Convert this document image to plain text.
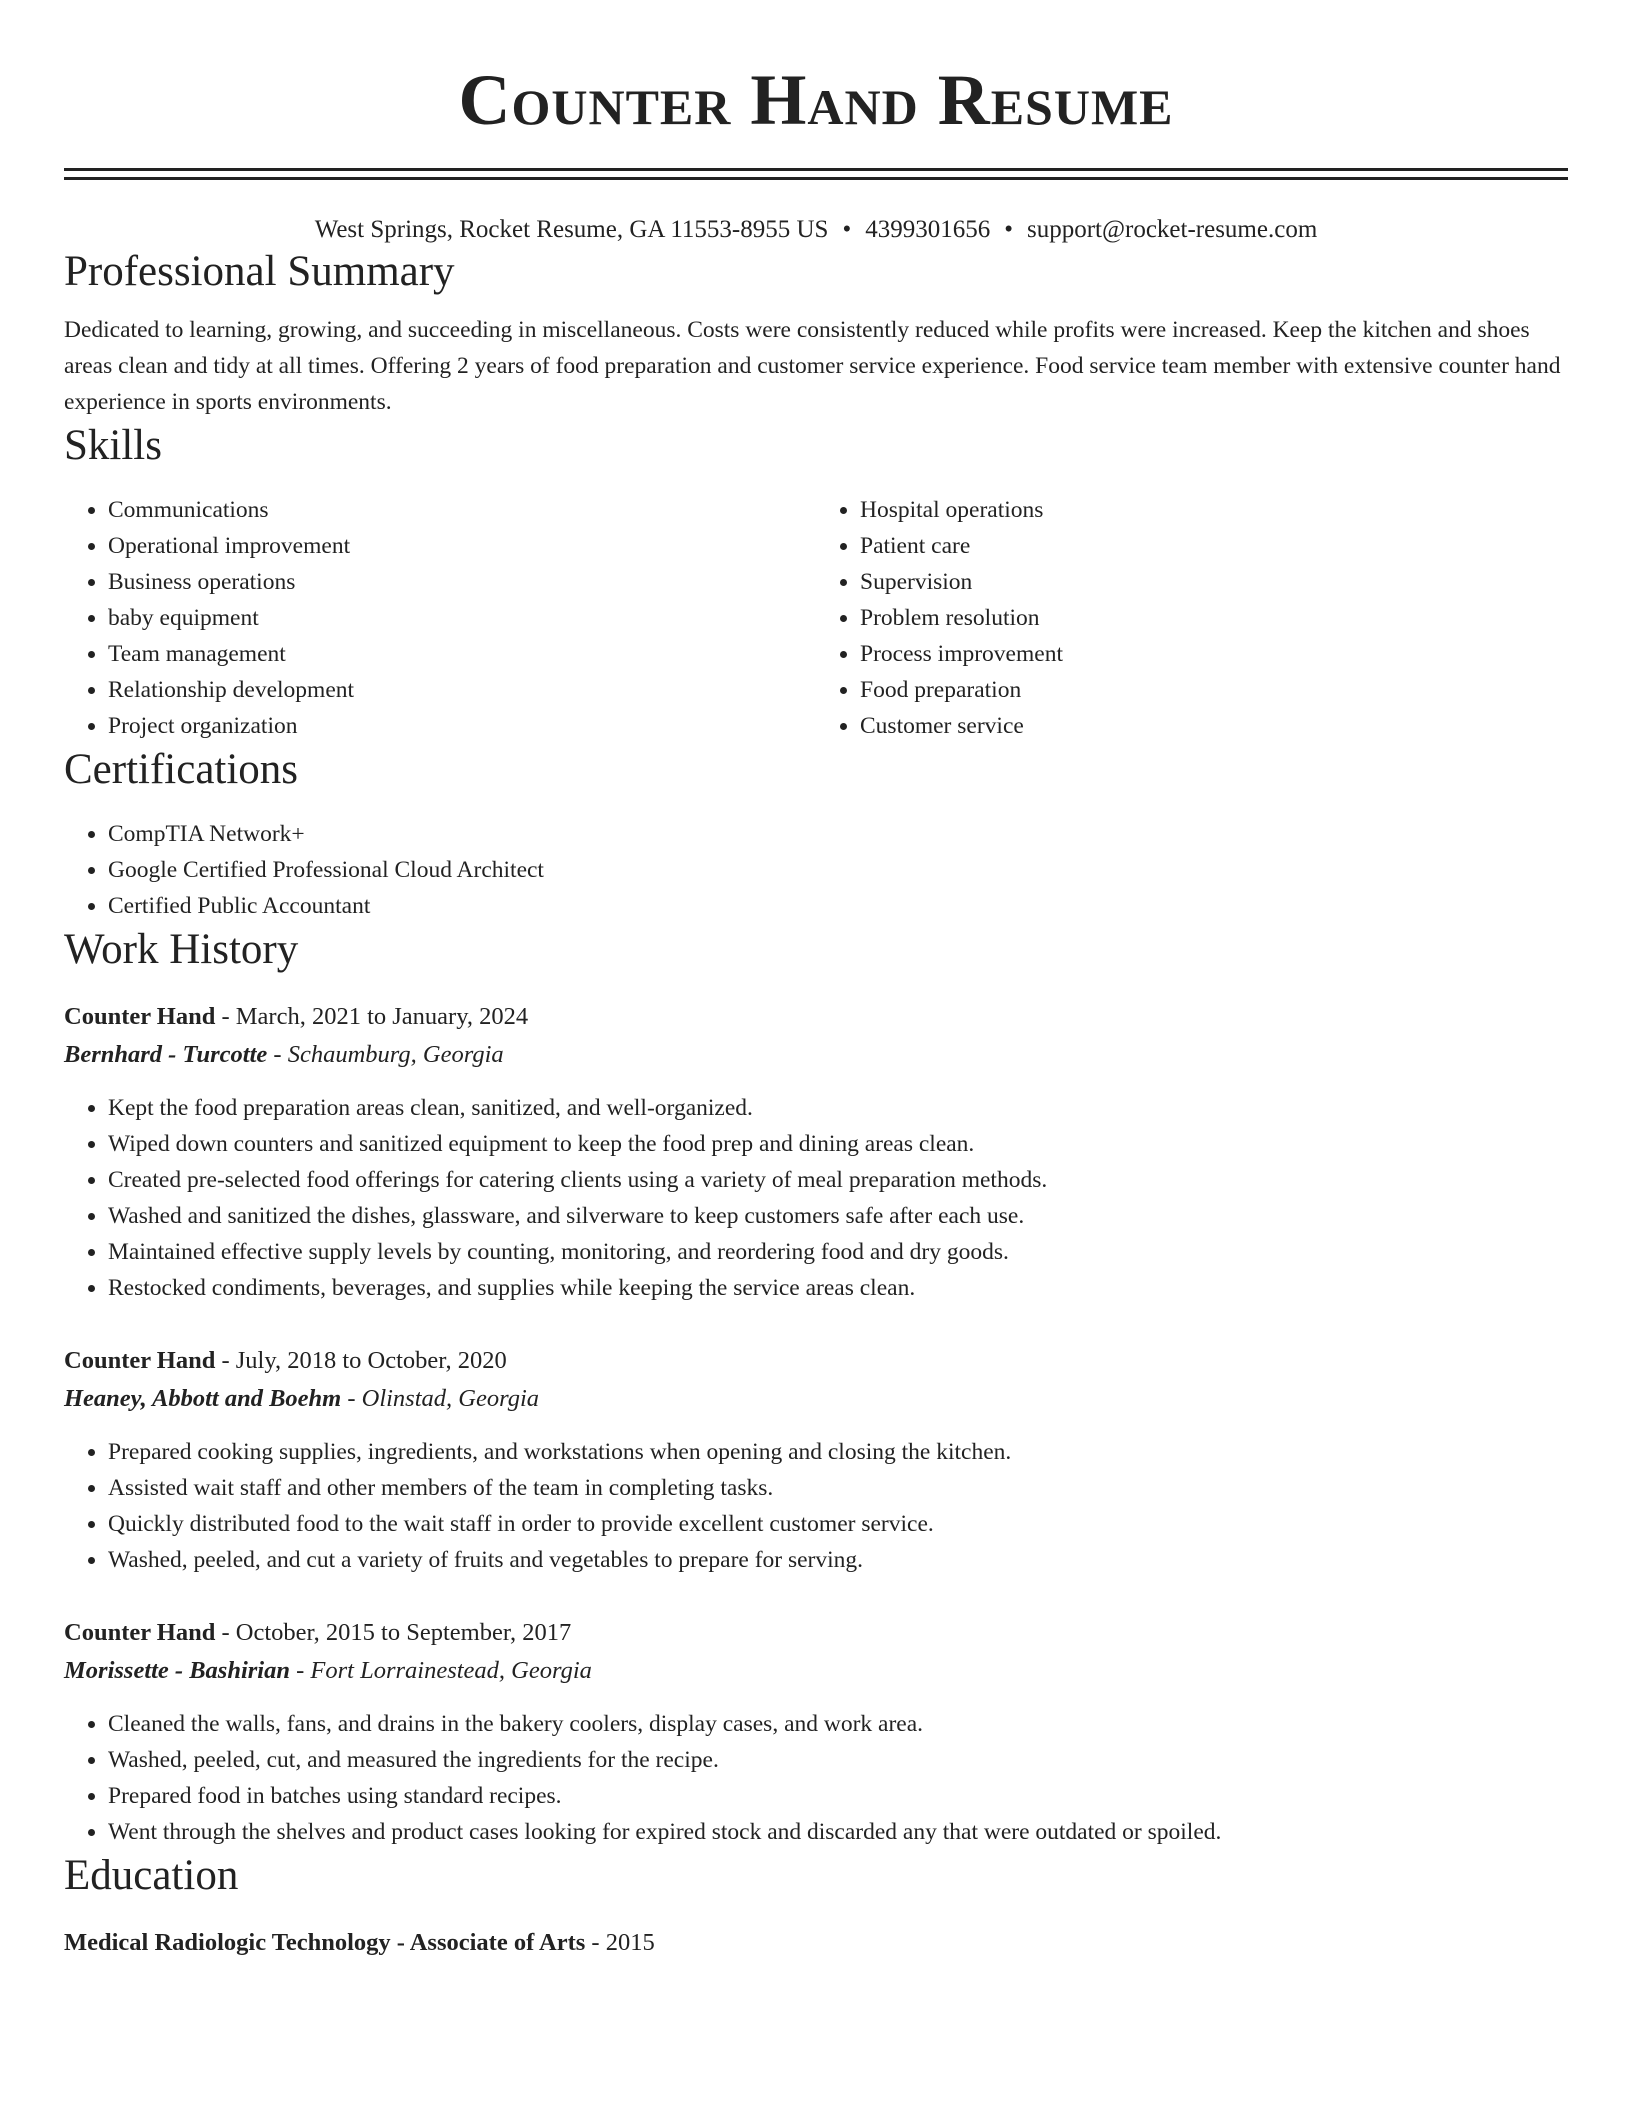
Counter Hand Resume
West Springs, Rocket Resume, GA 11553-8955 US • 4399301656 • support@rocket-resume.com
Professional Summary

Dedicated to learning, growing, and succeeding in miscellaneous. Costs were consistently reduced while profits were increased. Keep the kitchen and shoes areas clean and tidy at all times. Offering 2 years of food preparation and customer service experience. Food service team member with extensive counter hand experience in sports environments.

Skills
• Communications
• Operational improvement
• Business operations
• baby equipment
• Team management
• Relationship development
• Project organization
• Hospital operations
• Patient care
• Supervision
• Problem resolution
• Process improvement
• Food preparation
• Customer service
Certifications
• CompTIA Network+
• Google Certified Professional Cloud Architect
• Certified Public Accountant
Work History
Counter Hand - March, 2021 to January, 2024
Bernhard - Turcotte - Schaumburg, Georgia
• Kept the food preparation areas clean, sanitized, and well-organized.
• Wiped down counters and sanitized equipment to keep the food prep and dining areas clean.
• Created pre-selected food offerings for catering clients using a variety of meal preparation methods.
• Washed and sanitized the dishes, glassware, and silverware to keep customers safe after each use.
• Maintained effective supply levels by counting, monitoring, and reordering food and dry goods.
• Restocked condiments, beverages, and supplies while keeping the service areas clean.
Counter Hand - July, 2018 to October, 2020
Heaney, Abbott and Boehm - Olinstad, Georgia
• Prepared cooking supplies, ingredients, and workstations when opening and closing the kitchen.
• Assisted wait staff and other members of the team in completing tasks.
• Quickly distributed food to the wait staff in order to provide excellent customer service.
• Washed, peeled, and cut a variety of fruits and vegetables to prepare for serving.
Counter Hand - October, 2015 to September, 2017
Morissette - Bashirian - Fort Lorrainestead, Georgia
• Cleaned the walls, fans, and drains in the bakery coolers, display cases, and work area.
• Washed, peeled, cut, and measured the ingredients for the recipe.
• Prepared food in batches using standard recipes.
• Went through the shelves and product cases looking for expired stock and discarded any that were outdated or spoiled.
Education
Medical Radiologic Technology - Associate of Arts - 2015
